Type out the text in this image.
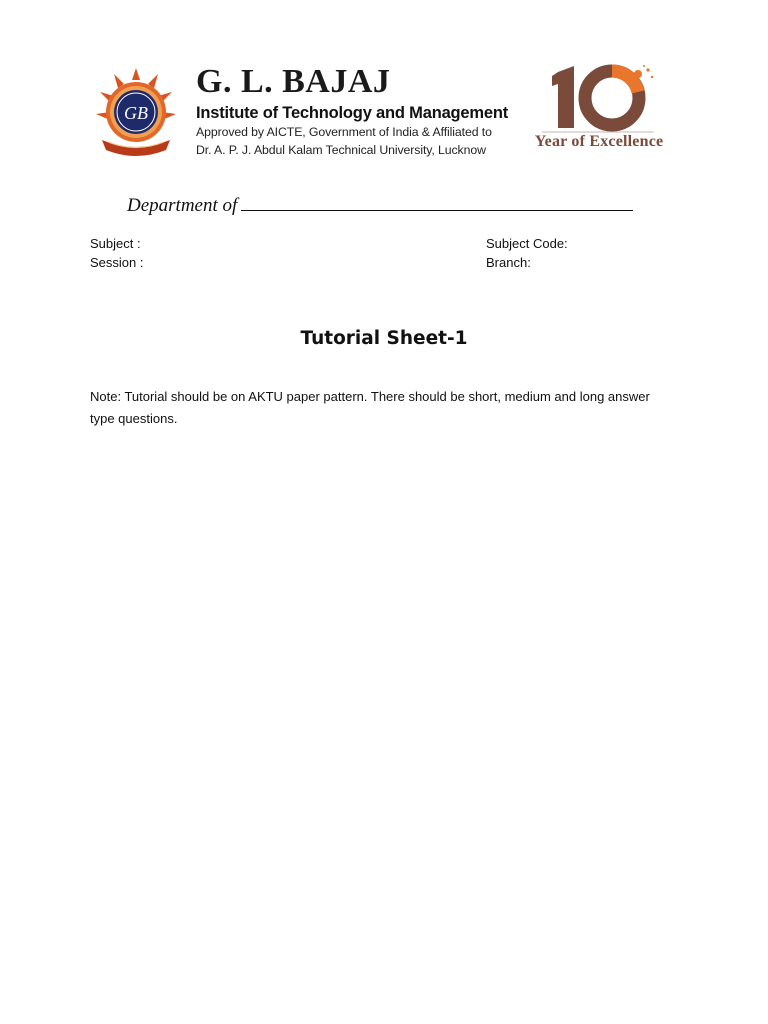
GB
G. L. BAJAJ
Institute of Technology and Management
Approved by AICTE, Government of India & Affiliated to
Dr. A. P. J. Abdul Kalam Technical University, Lucknow	Year of Excellence
Department of
Subject :
Session :
Subject Code:
Branch:
Tutorial Sheet-1
Note: Tutorial should be on AKTU paper pattern. There should be short, medium and long answer type questions.
